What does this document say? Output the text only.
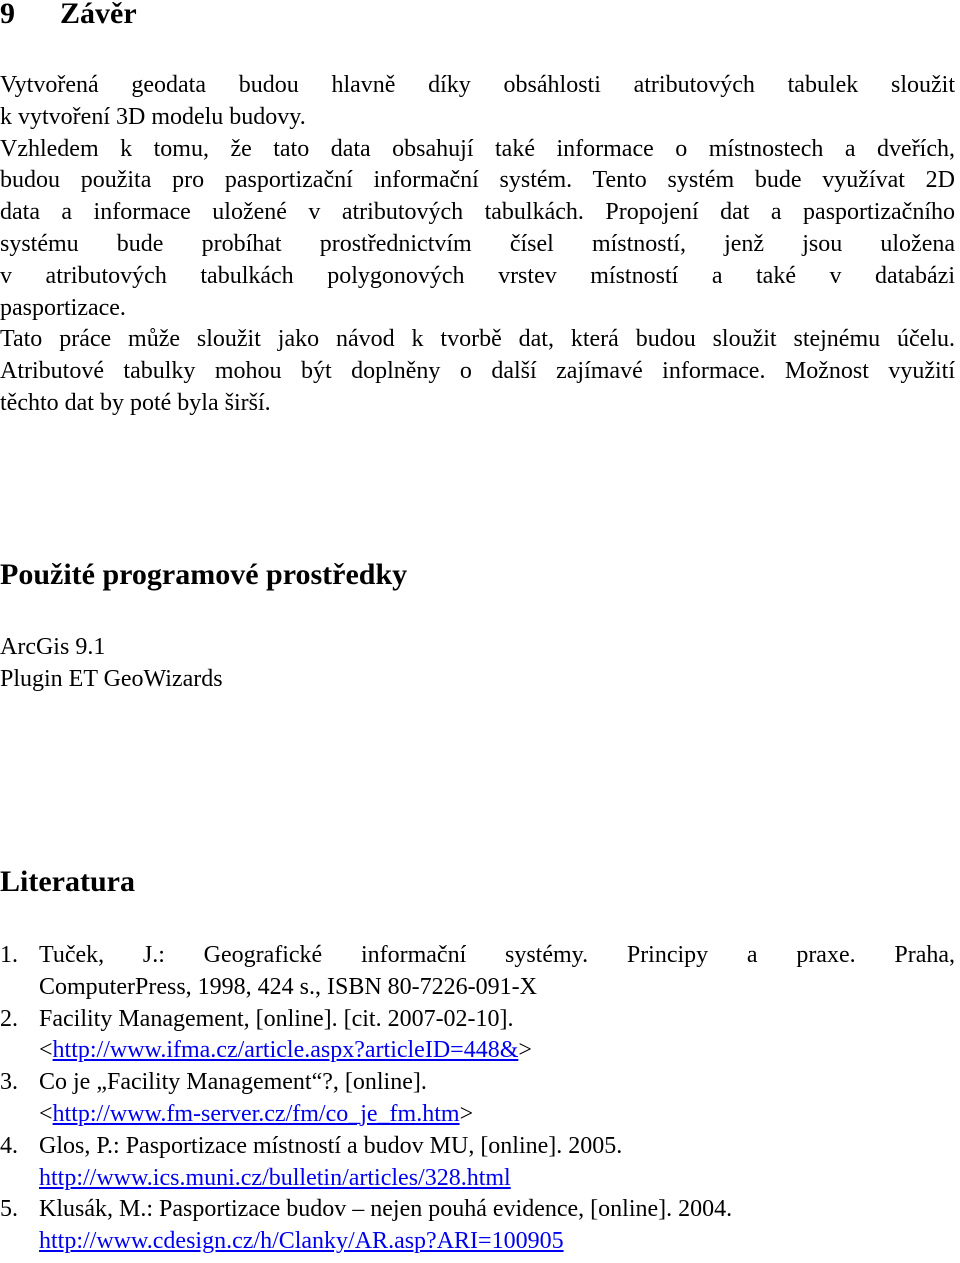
9 Závěr
Vytvořená geodata budou hlavně díky obsáhlosti atributových tabulek sloužit
k vytvoření 3D modelu budovy.
Vzhledem k tomu, že tato data obsahují také informace o místnostech a dveřích,
budou použita pro pasportizační informační systém. Tento systém bude využívat 2D
data a informace uložené v atributových tabulkách. Propojení dat a pasportizačního
systému bude probíhat prostřednictvím čísel místností, jenž jsou uložena
v atributových tabulkách polygonových vrstev místností a také v databázi
pasportizace.
Tato práce může sloužit jako návod k tvorbě dat, která budou sloužit stejnému účelu.
Atributové tabulky mohou být doplněny o další zajímavé informace. Možnost využití
těchto dat by poté byla širší.
Použité programové prostředky
ArcGis 9.1
Plugin ET GeoWizards
Literatura
1. Tuček, J.: Geografické informační systémy. Principy a praxe. Praha,
ComputerPress, 1998, 424 s., ISBN 80-7226-091-X
2. Facility Management, [online]. [cit. 2007-02-10].
<http://www.ifma.cz/article.aspx?articleID=448&>
3. Co je „Facility Management“?, [online].
<http://www.fm-server.cz/fm/co_je_fm.htm>
4. Glos, P.: Pasportizace místností a budov MU, [online]. 2005.
http://www.ics.muni.cz/bulletin/articles/328.html
5. Klusák, M.: Pasportizace budov – nejen pouhá evidence, [online]. 2004.
http://www.cdesign.cz/h/Clanky/AR.asp?ARI=100905
